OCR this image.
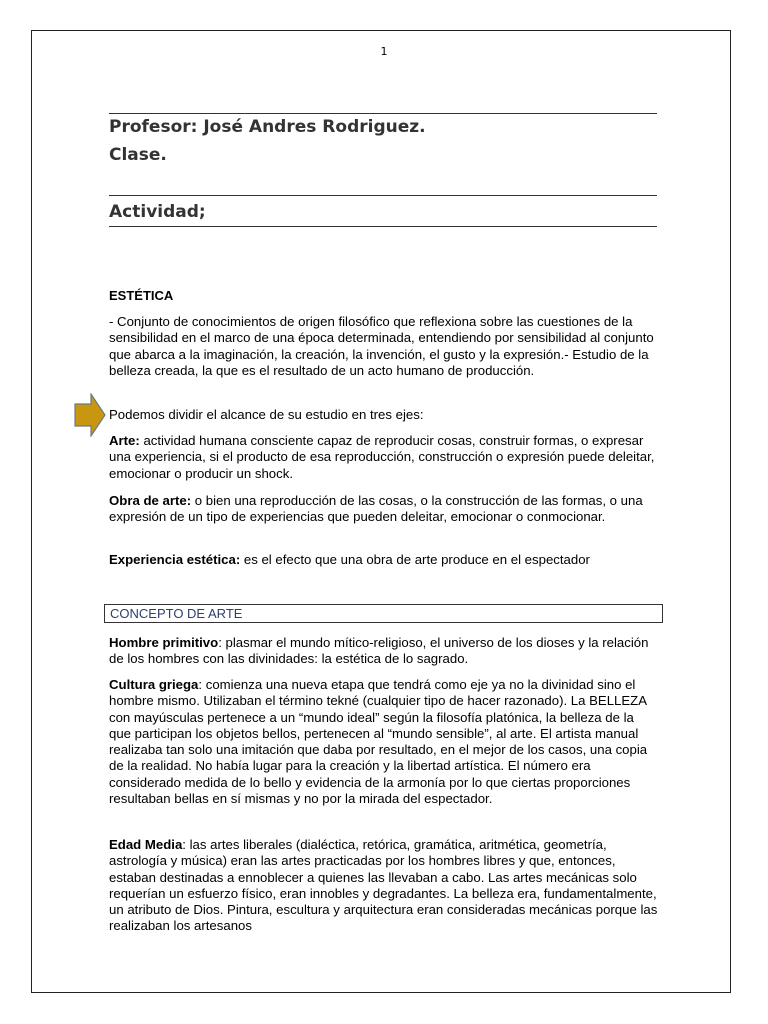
1
Profesor: José Andres Rodriguez.
Clase.
Actividad;
ESTÉTICA

- Conjunto de conocimientos de origen filosófico que reflexiona sobre las cuestiones de la sensibilidad en el marco de una época determinada, entendiendo por sensibilidad al conjunto que abarca a la imaginación, la creación, la invención, el gusto y la expresión.- Estudio de la belleza creada, la que es el resultado de un acto humano de producción.

Podemos dividir el alcance de su estudio en tres ejes:

Arte: actividad humana consciente capaz de reproducir cosas, construir formas, o expresar una experiencia, si el producto de esa reproducción, construcción o expresión puede deleitar, emocionar o producir un shock.

Obra de arte: o bien una reproducción de las cosas, o la construcción de las formas, o una expresión de un tipo de experiencias que pueden deleitar, emocionar o conmocionar.

Experiencia estética: es el efecto que una obra de arte produce en el espectador

CONCEPTO DE ARTE

Hombre primitivo: plasmar el mundo mítico-religioso, el universo de los dioses y la relación de los hombres con las divinidades: la estética de lo sagrado.

Cultura griega: comienza una nueva etapa que tendrá como eje ya no la divinidad sino el hombre mismo. Utilizaban el término tekné (cualquier tipo de hacer razonado). La BELLEZA con mayúsculas pertenece a un “mundo ideal” según la filosofía platónica, la belleza de la que participan los objetos bellos, pertenecen al “mundo sensible”, al arte. El artista manual realizaba tan solo una imitación que daba por resultado, en el mejor de los casos, una copia de la realidad. No había lugar para la creación y la libertad artística. El número era considerado medida de lo bello y evidencia de la armonía por lo que ciertas proporciones resultaban bellas en sí mismas y no por la mirada del espectador.

Edad Media: las artes liberales (dialéctica, retórica, gramática, aritmética, geometría, astrología y música) eran las artes practicadas por los hombres libres y que, entonces, estaban destinadas a ennoblecer a quienes las llevaban a cabo. Las artes mecánicas solo requerían un esfuerzo físico, eran innobles y degradantes. La belleza era, fundamentalmente, un atributo de Dios. Pintura, escultura y arquitectura eran consideradas mecánicas porque las realizaban los artesanos
